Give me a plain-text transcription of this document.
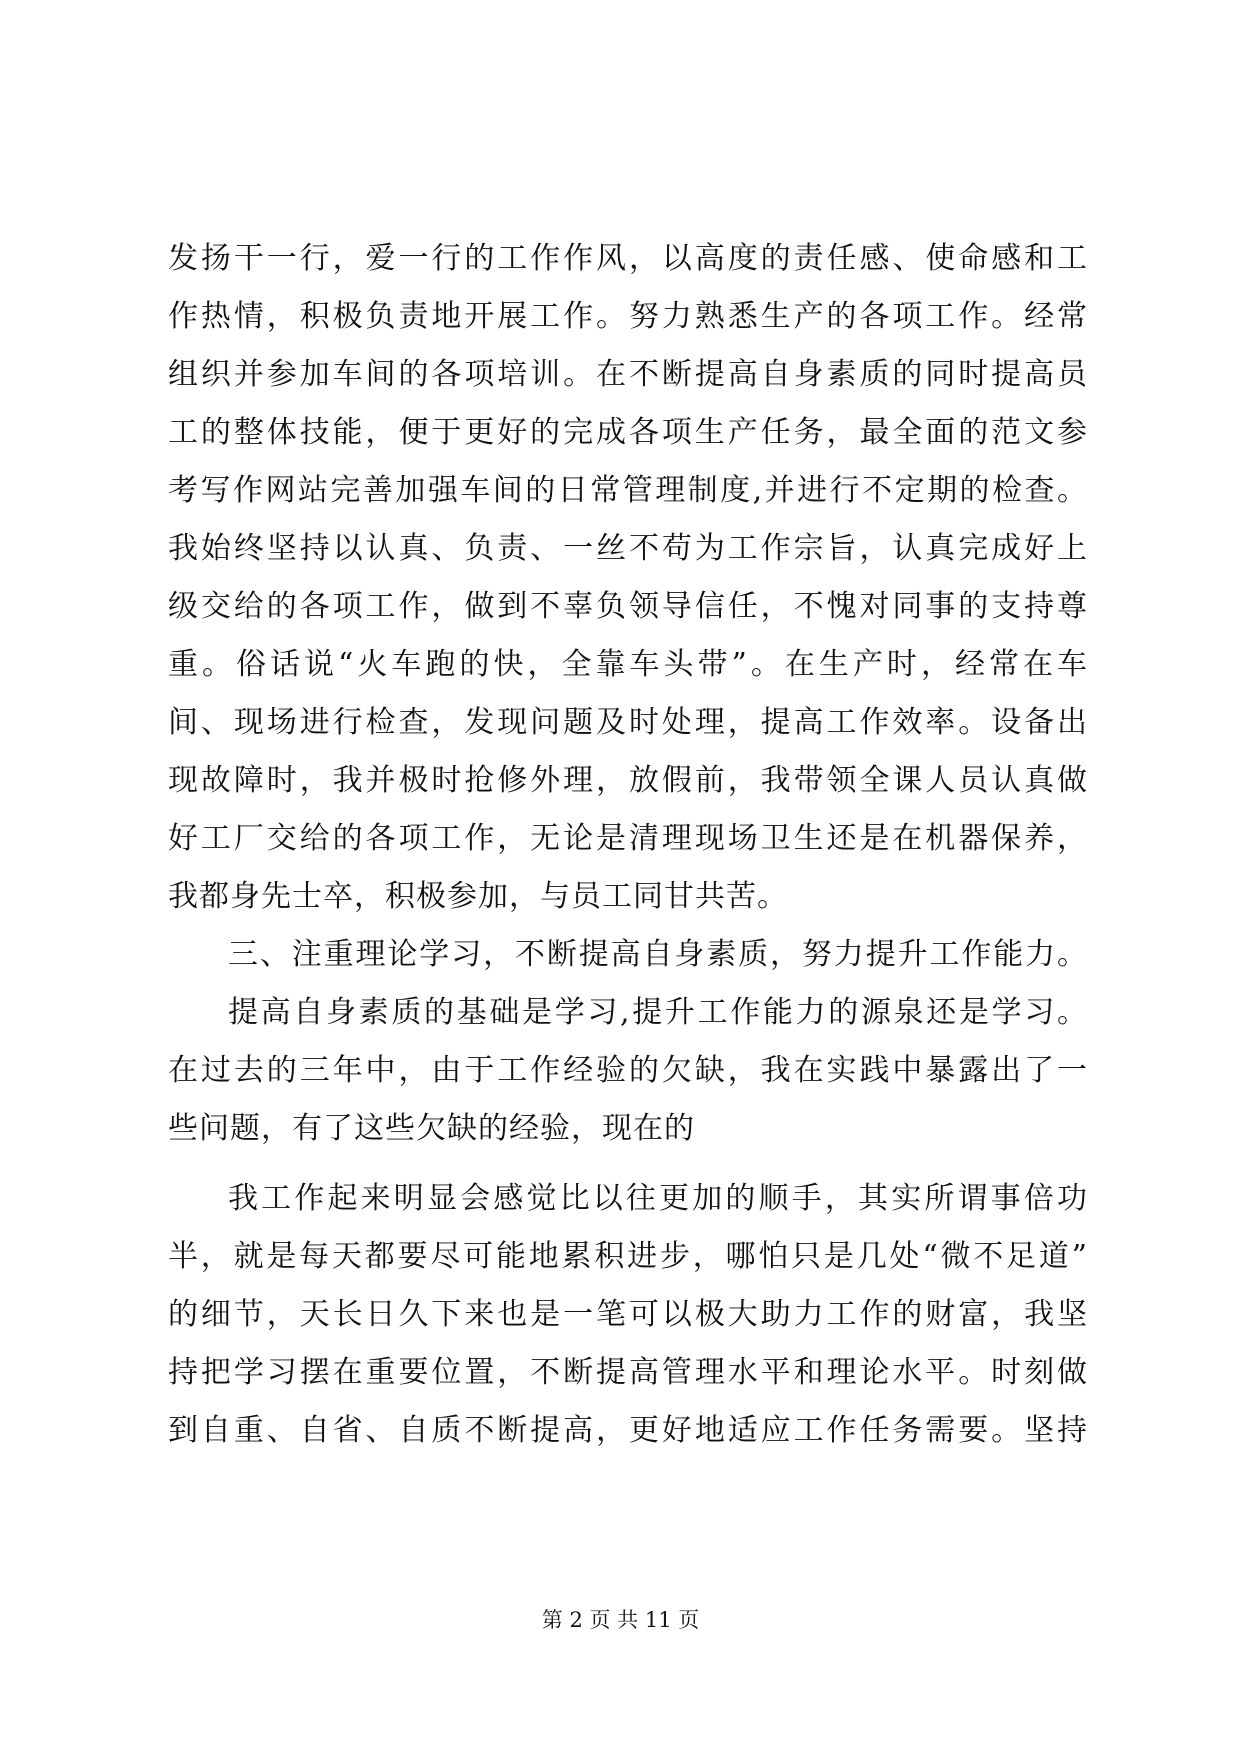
发扬干一行，爱一行的工作作风，以高度的责任感、使命感和工
作热情，积极负责地开展工作。努力熟悉生产的各项工作。经常
组织并参加车间的各项培训。在不断提高自身素质的同时提高员
工的整体技能，便于更好的完成各项生产任务，最全面的范文参
考写作网站完善加强车间的日常管理制度,并进行不定期的检查。
我始终坚持以认真、负责、一丝不苟为工作宗旨，认真完成好上
级交给的各项工作，做到不辜负领导信任，不愧对同事的支持尊
重。俗话说“火车跑的快，全靠车头带”。在生产时，经常在车
间、现场进行检查，发现问题及时处理，提高工作效率。设备出
现故障时，我并极时抢修外理，放假前，我带领全课人员认真做
好工厂交给的各项工作，无论是清理现场卫生还是在机器保养，
我都身先士卒，积极参加，与员工同甘共苦。
三、注重理论学习，不断提高自身素质，努力提升工作能力。
提高自身素质的基础是学习,提升工作能力的源泉还是学习。
在过去的三年中，由于工作经验的欠缺，我在实践中暴露出了一
些问题，有了这些欠缺的经验，现在的
我工作起来明显会感觉比以往更加的顺手，其实所谓事倍功
半，就是每天都要尽可能地累积进步，哪怕只是几处“微不足道”
的细节，天长日久下来也是一笔可以极大助力工作的财富，我坚
持把学习摆在重要位置，不断提高管理水平和理论水平。时刻做
到自重、自省、自质不断提高，更好地适应工作任务需要。坚持
第 2 页 共 11 页
